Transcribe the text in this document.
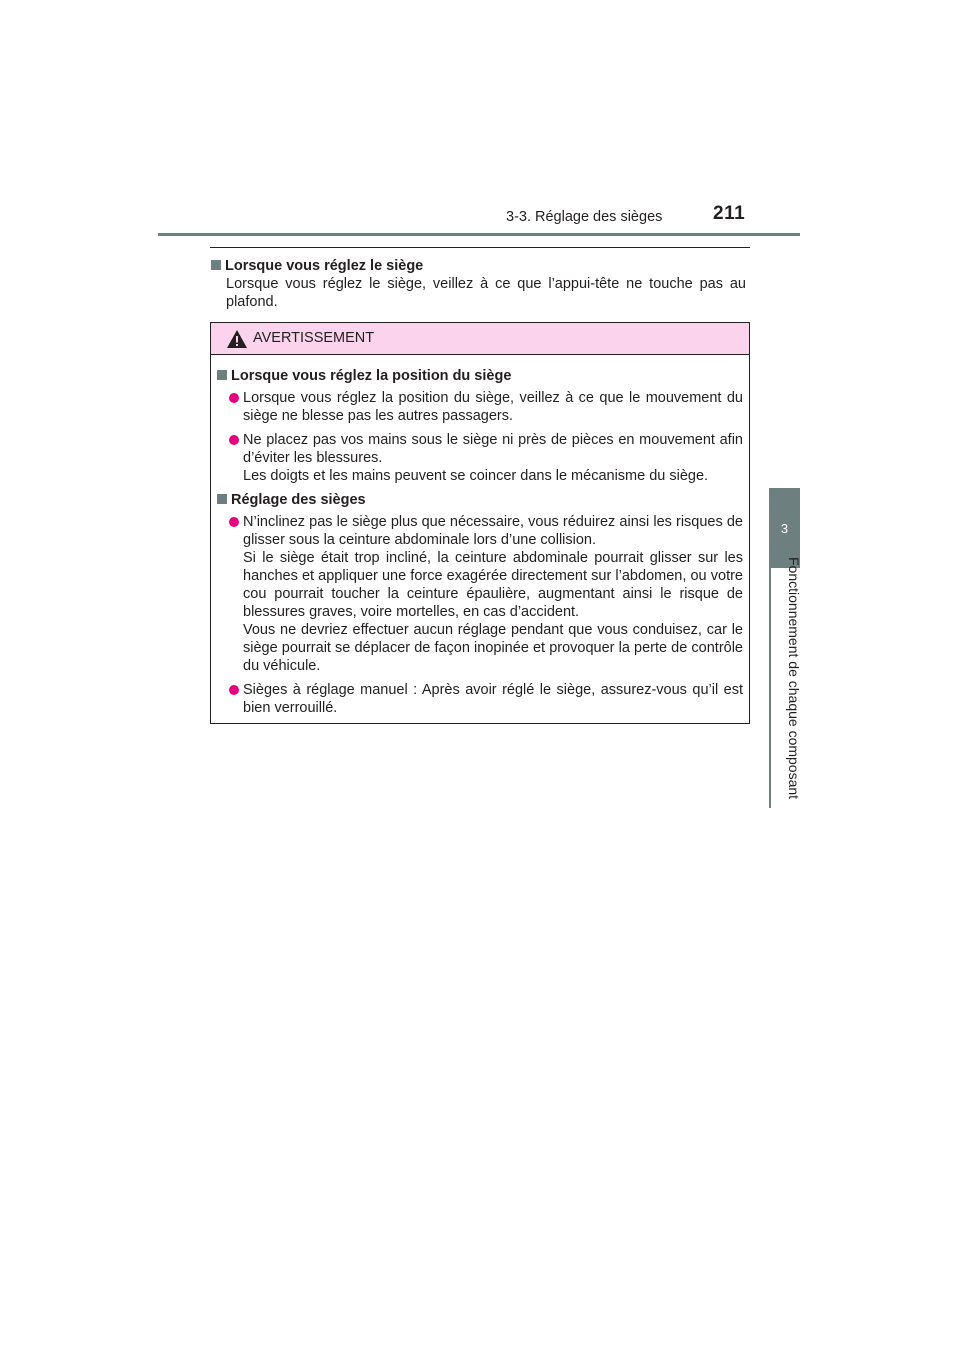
3-3. Réglage des sièges	211
3
Fonctionnement de chaque composant
Lorsque vous réglez le siège
Lorsque vous réglez le siège, veillez à ce que l’appui-tête ne touche pas au plafond.
AVERTISSEMENT
Lorsque vous réglez la position du siège

Lorsque vous réglez la position du siège, veillez à ce que le mouvement du siège ne blesse pas les autres passagers.

Ne placez pas vos mains sous le siège ni près de pièces en mouvement afin d’éviter les blessures.

Les doigts et les mains peuvent se coincer dans le mécanisme du siège.

Réglage des sièges

N’inclinez pas le siège plus que nécessaire, vous réduirez ainsi les risques de glisser sous la ceinture abdominale lors d’une collision.

Si le siège était trop incliné, la ceinture abdominale pourrait glisser sur les hanches et appliquer une force exagérée directement sur l’abdomen, ou votre cou pourrait toucher la ceinture épaulière, augmentant ainsi le risque de blessures graves, voire mortelles, en cas d’accident.

Vous ne devriez effectuer aucun réglage pendant que vous conduisez, car le siège pourrait se déplacer de façon inopinée et provoquer la perte de contrôle du véhicule.

Sièges à réglage manuel : Après avoir réglé le siège, assurez-vous qu’il est bien verrouillé.
